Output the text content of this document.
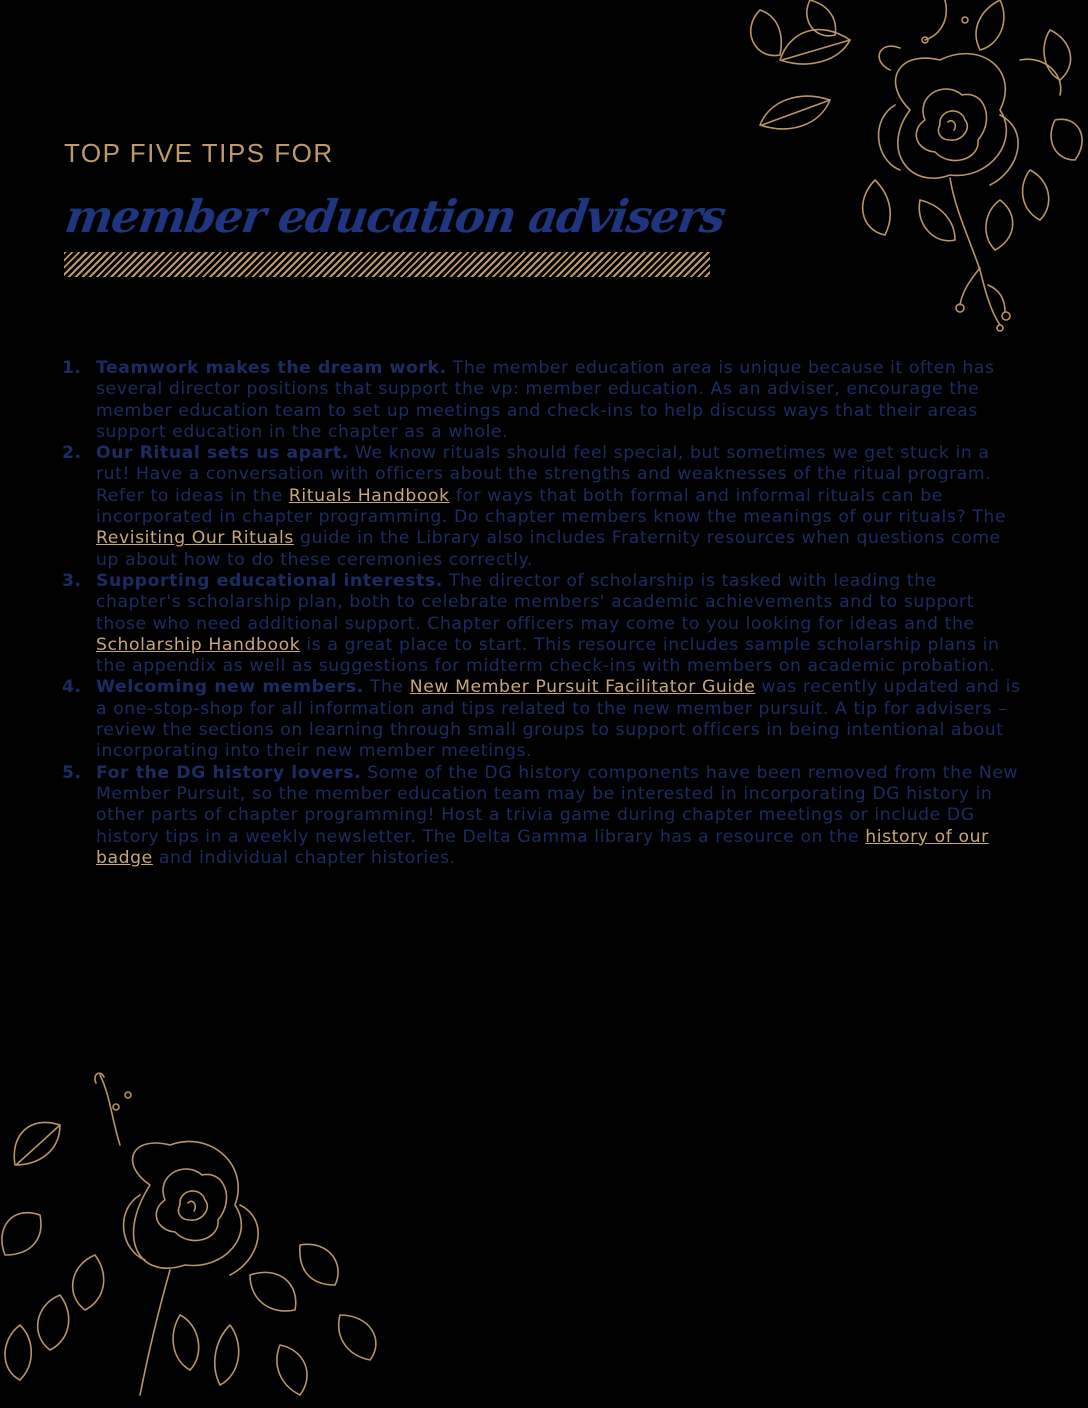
TOP FIVE TIPS FOR
member education advisers
1. Teamwork makes the dream work. The member education area is unique because it often has several director positions that support the vp: member education. As an adviser, encourage the member education team to set up meetings and check-ins to help discuss ways that their areas support education in the chapter as a whole.
2. Our Ritual sets us apart. We know rituals should feel special, but sometimes we get stuck in a rut! Have a conversation with officers about the strengths and weaknesses of the ritual program. Refer to ideas in the Rituals Handbook for ways that both formal and informal rituals can be incorporated in chapter programming. Do chapter members know the meanings of our rituals? The Revisiting Our Rituals guide in the Library also includes Fraternity resources when questions come up about how to do these ceremonies correctly.
3. Supporting educational interests. The director of scholarship is tasked with leading the chapter's scholarship plan, both to celebrate members' academic achievements and to support those who need additional support. Chapter officers may come to you looking for ideas and the Scholarship Handbook is a great place to start. This resource includes sample scholarship plans in the appendix as well as suggestions for midterm check-ins with members on academic probation.
4. Welcoming new members. The New Member Pursuit Facilitator Guide was recently updated and is a one-stop-shop for all information and tips related to the new member pursuit. A tip for advisers – review the sections on learning through small groups to support officers in being intentional about incorporating into their new member meetings.
5. For the DG history lovers. Some of the DG history components have been removed from the New Member Pursuit, so the member education team may be interested in incorporating DG history in other parts of chapter programming! Host a trivia game during chapter meetings or include DG history tips in a weekly newsletter. The Delta Gamma library has a resource on the history of our badge and individual chapter histories.
